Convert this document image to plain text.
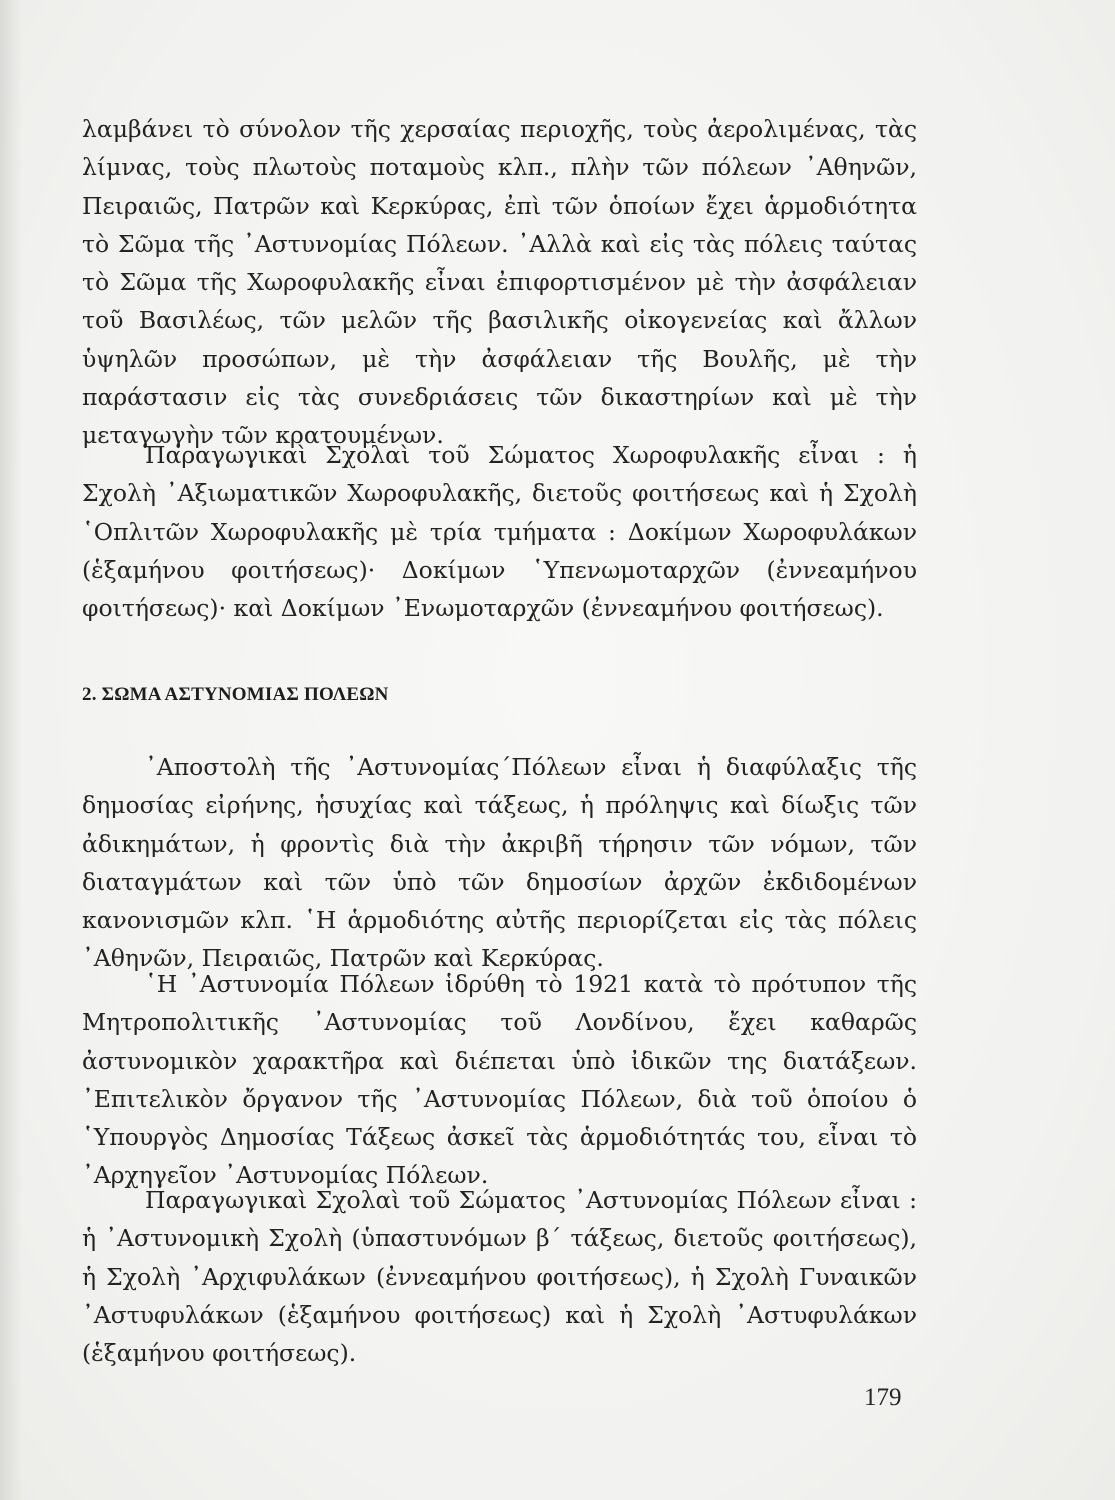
λαμβάνει τὸ σύνολον τῆς χερσαίας περιοχῆς, τοὺς ἀερολιμένας, τὰς λίμνας, τοὺς πλωτοὺς ποταμοὺς κλπ., πλὴν τῶν πόλεων ᾿Αθηνῶν, Πειραιῶς, Πατρῶν καὶ Κερκύρας, ἐπὶ τῶν ὁποίων ἔχει ἁρμοδιότητα τὸ Σῶμα τῆς ᾿Αστυνομίας Πόλεων. ᾿Αλλὰ καὶ εἰς τὰς πόλεις ταύτας τὸ Σῶμα τῆς Χωροφυλακῆς εἶναι ἐπιφορτισμένον μὲ τὴν ἀσφάλειαν τοῦ Βασιλέως, τῶν μελῶν τῆς βασιλικῆς οἰκογενείας καὶ ἄλλων ὑψηλῶν προσώπων, μὲ τὴν ἀσφάλειαν τῆς Βουλῆς, μὲ τὴν παράστασιν εἰς τὰς συνεδριάσεις τῶν δικαστηρίων καὶ μὲ τὴν μεταγωγὴν τῶν κρατουμένων.

Παραγωγικαὶ Σχολαὶ τοῦ Σώματος Χωροφυλακῆς εἶναι : ἡ Σχολὴ ᾿Αξιωματικῶν Χωροφυλακῆς, διετοῦς φοιτήσεως καὶ ἡ Σχολὴ ῾Οπλιτῶν Χωροφυλακῆς μὲ τρία τμήματα : Δοκίμων Χωροφυλάκων (ἑξαμήνου φοιτήσεως)· Δοκίμων ῾Υπενωμοταρχῶν (ἐννεαμήνου φοιτήσεως)· καὶ Δοκίμων ᾿Ενωμοταρχῶν (ἐννεαμήνου φοιτήσεως).

2. ΣΩΜΑ ΑΣΤΥΝΟΜΙΑΣ ΠΟΛΕΩΝ

᾿Αποστολὴ τῆς ᾿Αστυνομίας΄Πόλεων εἶναι ἡ διαφύλαξις τῆς δημοσίας εἰρήνης, ἡσυχίας καὶ τάξεως, ἡ πρόληψις καὶ δίωξις τῶν ἀδικημάτων, ἡ φροντὶς διὰ τὴν ἀκριβῆ τήρησιν τῶν νόμων, τῶν διαταγμάτων καὶ τῶν ὑπὸ τῶν δημοσίων ἀρχῶν ἐκδιδομένων κανονισμῶν κλπ. ῾Η ἁρμοδιότης αὐτῆς περιορίζεται εἰς τὰς πόλεις ᾿Αθηνῶν, Πειραιῶς, Πατρῶν καὶ Κερκύρας.

῾Η ᾿Αστυνομία Πόλεων ἱδρύθη τὸ 1921 κατὰ τὸ πρότυπον τῆς Μητροπολιτικῆς ᾿Αστυνομίας τοῦ Λονδίνου, ἔχει καθαρῶς ἀστυνομικὸν χαρακτῆρα καὶ διέπεται ὑπὸ ἰδικῶν της διατάξεων. ᾿Επιτελικὸν ὄργανον τῆς ᾿Αστυνομίας Πόλεων, διὰ τοῦ ὁποίου ὁ ῾Υπουργὸς Δημοσίας Τάξεως ἀσκεῖ τὰς ἁρμοδιότητάς του, εἶναι τὸ ᾿Αρχηγεῖον ᾿Αστυνομίας Πόλεων.

Παραγωγικαὶ Σχολαὶ τοῦ Σώματος ᾿Αστυνομίας Πόλεων εἶναι : ἡ ᾿Αστυνομικὴ Σχολὴ (ὑπαστυνόμων β΄ τάξεως, διετοῦς φοιτήσεως), ἡ Σχολὴ ᾿Αρχιφυλάκων (ἐννεαμήνου φοιτήσεως), ἡ Σχολὴ Γυναικῶν ᾿Αστυφυλάκων (ἑξαμήνου φοιτήσεως) καὶ ἡ Σχολὴ ᾿Αστυφυλάκων (ἑξαμήνου φοιτήσεως).

179
